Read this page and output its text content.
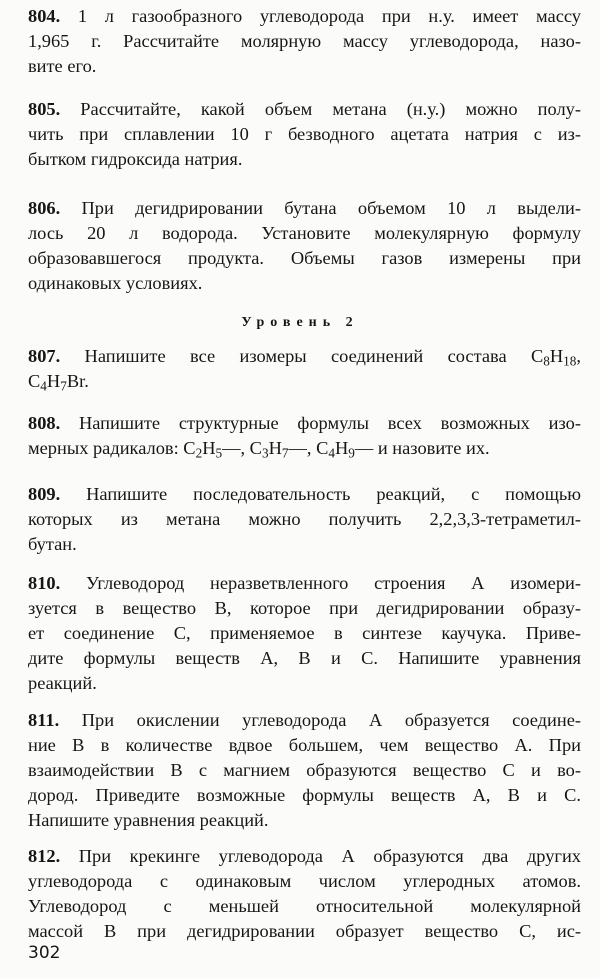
804. 1 л газообразного углеводорода при н.у. имеет массу
1,965 г. Рассчитайте молярную массу углеводорода, назо-
вите его.
805. Рассчитайте, какой объем метана (н.у.) можно полу-
чить при сплавлении 10 г безводного ацетата натрия с из-
бытком гидроксида натрия.
806. При дегидрировании бутана объемом 10 л выдели-
лось 20 л водорода. Установите молекулярную формулу
образовавшегося продукта. Объемы газов измерены при
одинаковых условиях.
Уровень 2
807. Напишите все изомеры соединений состава $C_8H_{18}$,
$C_4H_7Br$.
808. Напишите структурные формулы всех возможных изо-
мерных радикалов: $C_2H_5—$, $C_3H_7—$, $C_4H_9—$ и назовите их.
809. Напишите последовательность реакций, с помощью
которых из метана можно получить 2,2,3,3-тетраметил-
бутан.
810. Углеводород неразветвленного строения А изомери-
зуется в вещество В, которое при дегидрировании образу-
ет соединение С, применяемое в синтезе каучука. Приве-
дите формулы веществ А, В и С. Напишите уравнения
реакций.
811. При окислении углеводорода А образуется соедине-
ние В в количестве вдвое большем, чем вещество А. При
взаимодействии В с магнием образуются вещество С и во-
дород. Приведите возможные формулы веществ А, В и С.
Напишите уравнения реакций.
812. При крекинге углеводорода А образуются два других
углеводорода с одинаковым числом углеродных атомов.
Углеводород с меньшей относительной молекулярной
массой В при дегидрировании образует вещество С, ис-
302
